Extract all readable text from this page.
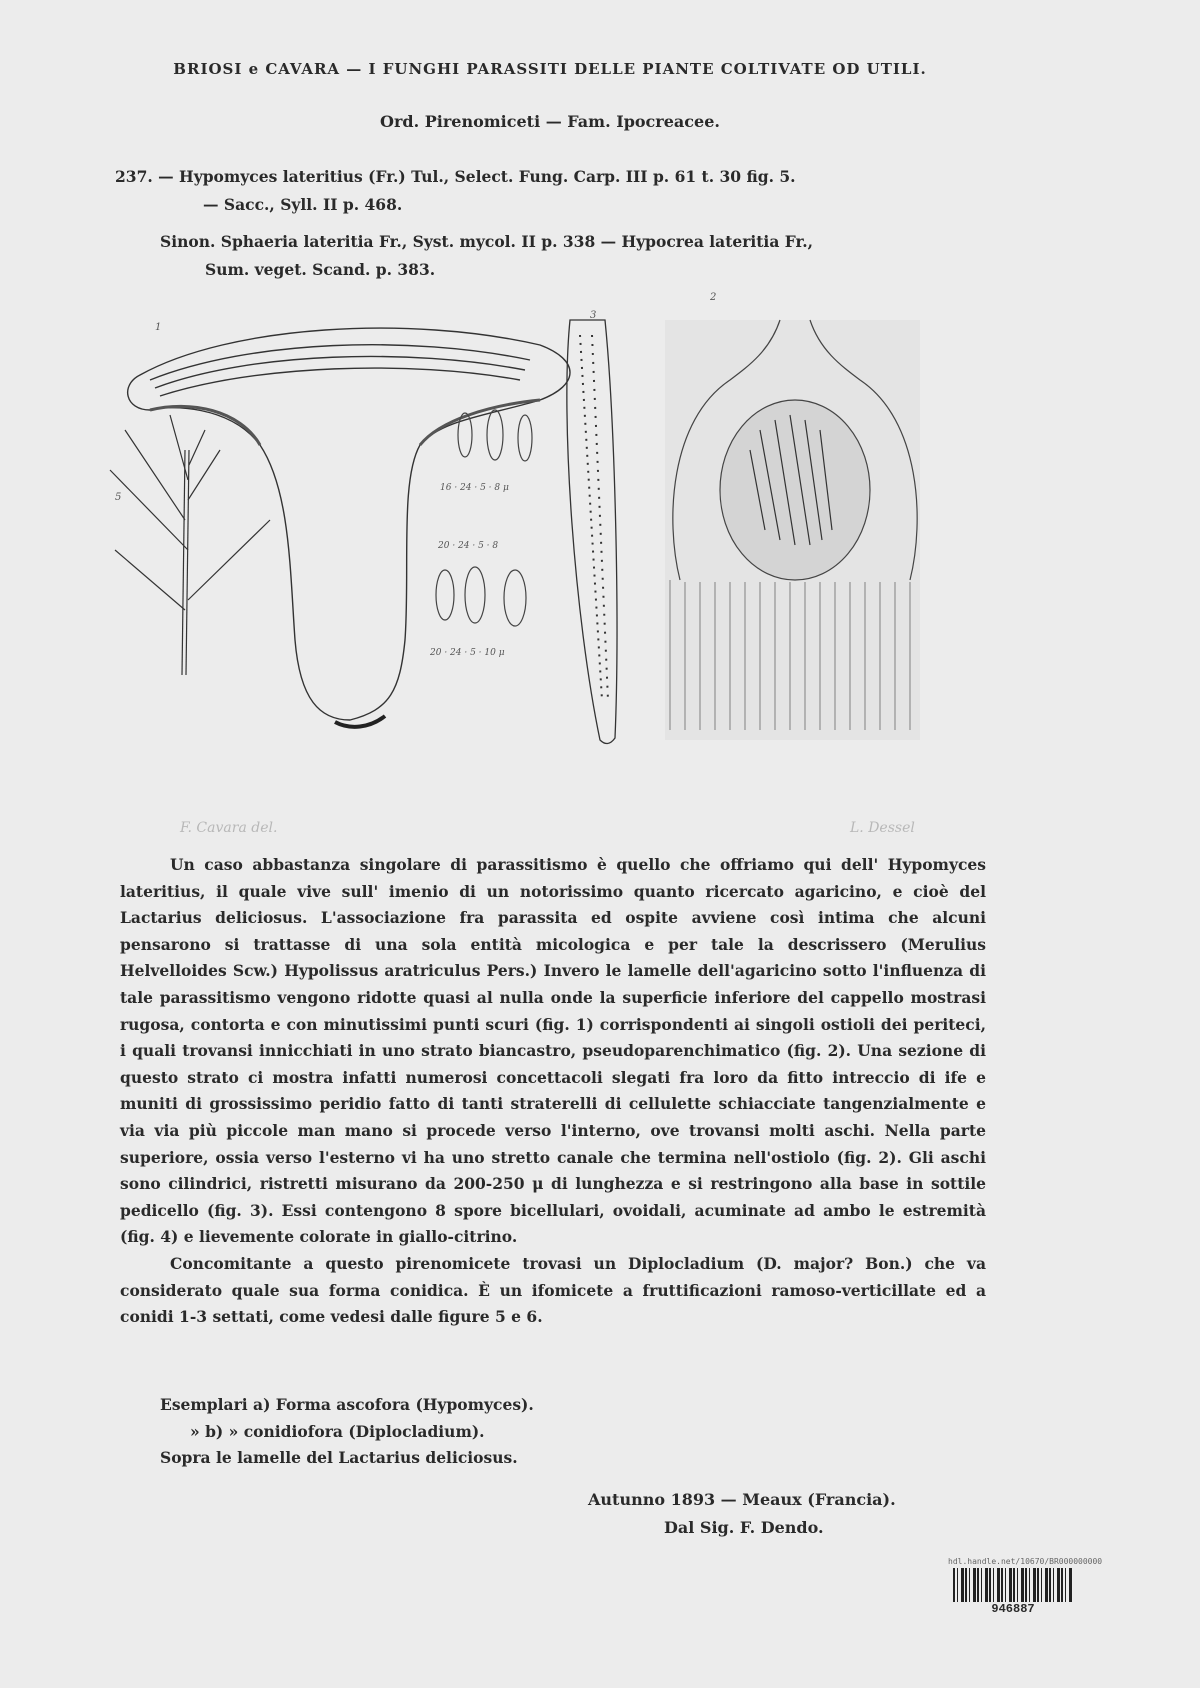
BRIOSI e CAVARA — I FUNGHI PARASSITI DELLE PIANTE COLTIVATE OD UTILI.
Ord. Pirenomiceti — Fam. Ipocreacee.
237. — Hypomyces lateritius (Fr.) Tul., Select. Fung. Carp. III p. 61 t. 30 fig. 5.
— Sacc., Syll. II p. 468.
Sinon. Sphaeria lateritia Fr., Syst. mycol. II p. 338 — Hypocrea lateritia Fr.,
Sum. veget. Scand. p. 383.
1
5
3
2
16 · 24 · 5 · 8 μ
20 · 24 · 5 · 8
20 · 24 · 5 · 10 μ
F. Cavara del.	L. Dessel

Un caso abbastanza singolare di parassitismo è quello che offriamo qui dell' Hypomyces lateritius, il quale vive sull' imenio di un notorissimo quanto ricercato agaricino, e cioè del Lactarius deliciosus. L'associazione fra parassita ed ospite avviene così intima che alcuni pensarono si trattasse di una sola entità micologica e per tale la descrissero (Merulius Helvelloides Scw.) Hypolissus aratriculus Pers.) Invero le lamelle dell'agaricino sotto l'influenza di tale parassitismo vengono ridotte quasi al nulla onde la superficie inferiore del cappello mostrasi rugosa, contorta e con minutissimi punti scuri (fig. 1) corrispondenti ai singoli ostioli dei periteci, i quali trovansi innicchiati in uno strato biancastro, pseudoparenchimatico (fig. 2). Una sezione di questo strato ci mostra infatti numerosi concettacoli slegati fra loro da fitto intreccio di ife e muniti di grossissimo peridio fatto di tanti straterelli di cellulette schiacciate tangenzialmente e via via più piccole man mano si procede verso l'interno, ove trovansi molti aschi. Nella parte superiore, ossia verso l'esterno vi ha uno stretto canale che termina nell'ostiolo (fig. 2). Gli aschi sono cilindrici, ristretti misurano da 200-250 μ di lunghezza e si restringono alla base in sottile pedicello (fig. 3). Essi contengono 8 spore bicellulari, ovoidali, acuminate ad ambo le estremità (fig. 4) e lievemente colorate in giallo-citrino.

Concomitante a questo pirenomicete trovasi un Diplocladium (D. major? Bon.) che va considerato quale sua forma conidica. È un ifomicete a fruttificazioni ramoso-verticillate ed a conidi 1-3 settati, come vedesi dalle figure 5 e 6.

Esemplari a) Forma ascofora (Hypomyces).
» b) » conidiofora (Diplocladium).
Sopra le lamelle del Lactarius deliciosus.
Autunno 1893 — Meaux (Francia).
Dal Sig. F. Dendo.
hdl.handle.net/10670/BR000000000
946887
